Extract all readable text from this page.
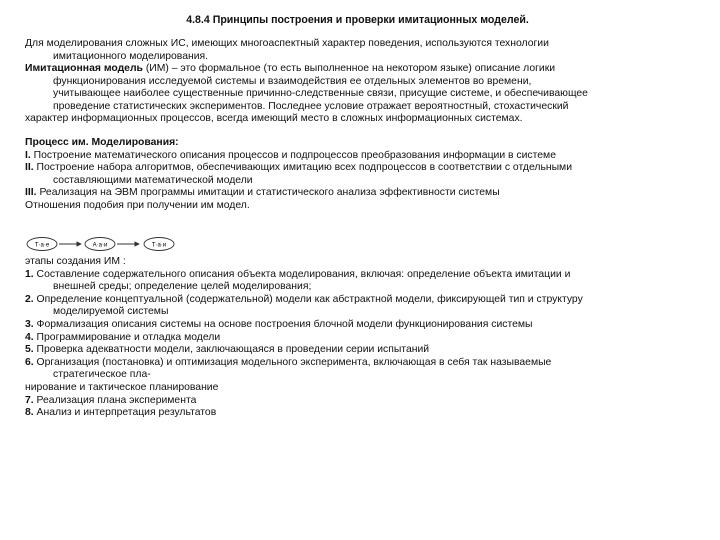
4.8.4 Принципы построения и проверки имитационных моделей.
Для моделирования сложных ИС, имеющих многоаспектный характер поведения, используются технологии
имитационного моделирования.
Имитационная модель (ИМ) – это формальное (то есть выполненное на некотором языке) описание логики
функционирования исследуемой системы и взаимодействия ее отдельных элементов во времени,
учитывающее наиболее существенные причинно-следственные связи, присущие системе, и обеспечивающее
проведение статистических экспериментов. Последнее условие отражает вероятностный, стохастический
характер информационных процессов, всегда имеющий место в сложных информационных системах.
Процесс им. Моделирования:
I. Построение математического описания процессов и подпроцессов преобразования информации в системе
II. Построение набора алгоритмов, обеспечивающих имитацию всех подпроцессов в соответствии с отдельными
составляющими математической модели
III. Реализация на ЭВМ программы имитации и статистического анализа эффективности системы
Отношения подобия при получении им модел.
Т·а·е	А·а·и	Т·а·и
этапы создания ИМ :
1. Составление содержательного описания объекта моделирования, включая: определение объекта имитации и
внешней среды; определение целей моделирования;
2. Определение концептуальной (содержательной) модели как абстрактной модели, фиксирующей тип и структуру
моделируемой системы
3. Формализация описания системы на основе построения блочной модели функционирования системы
4. Программирование и отладка модели
5. Проверка адекватности модели, заключающаяся в проведении серии испытаний
6. Организация (постановка) и оптимизация модельного эксперимента, включающая в себя так называемые
стратегическое пла-
нирование и тактическое планирование
7. Реализация плана эксперимента
8. Анализ и интерпретация результатов
